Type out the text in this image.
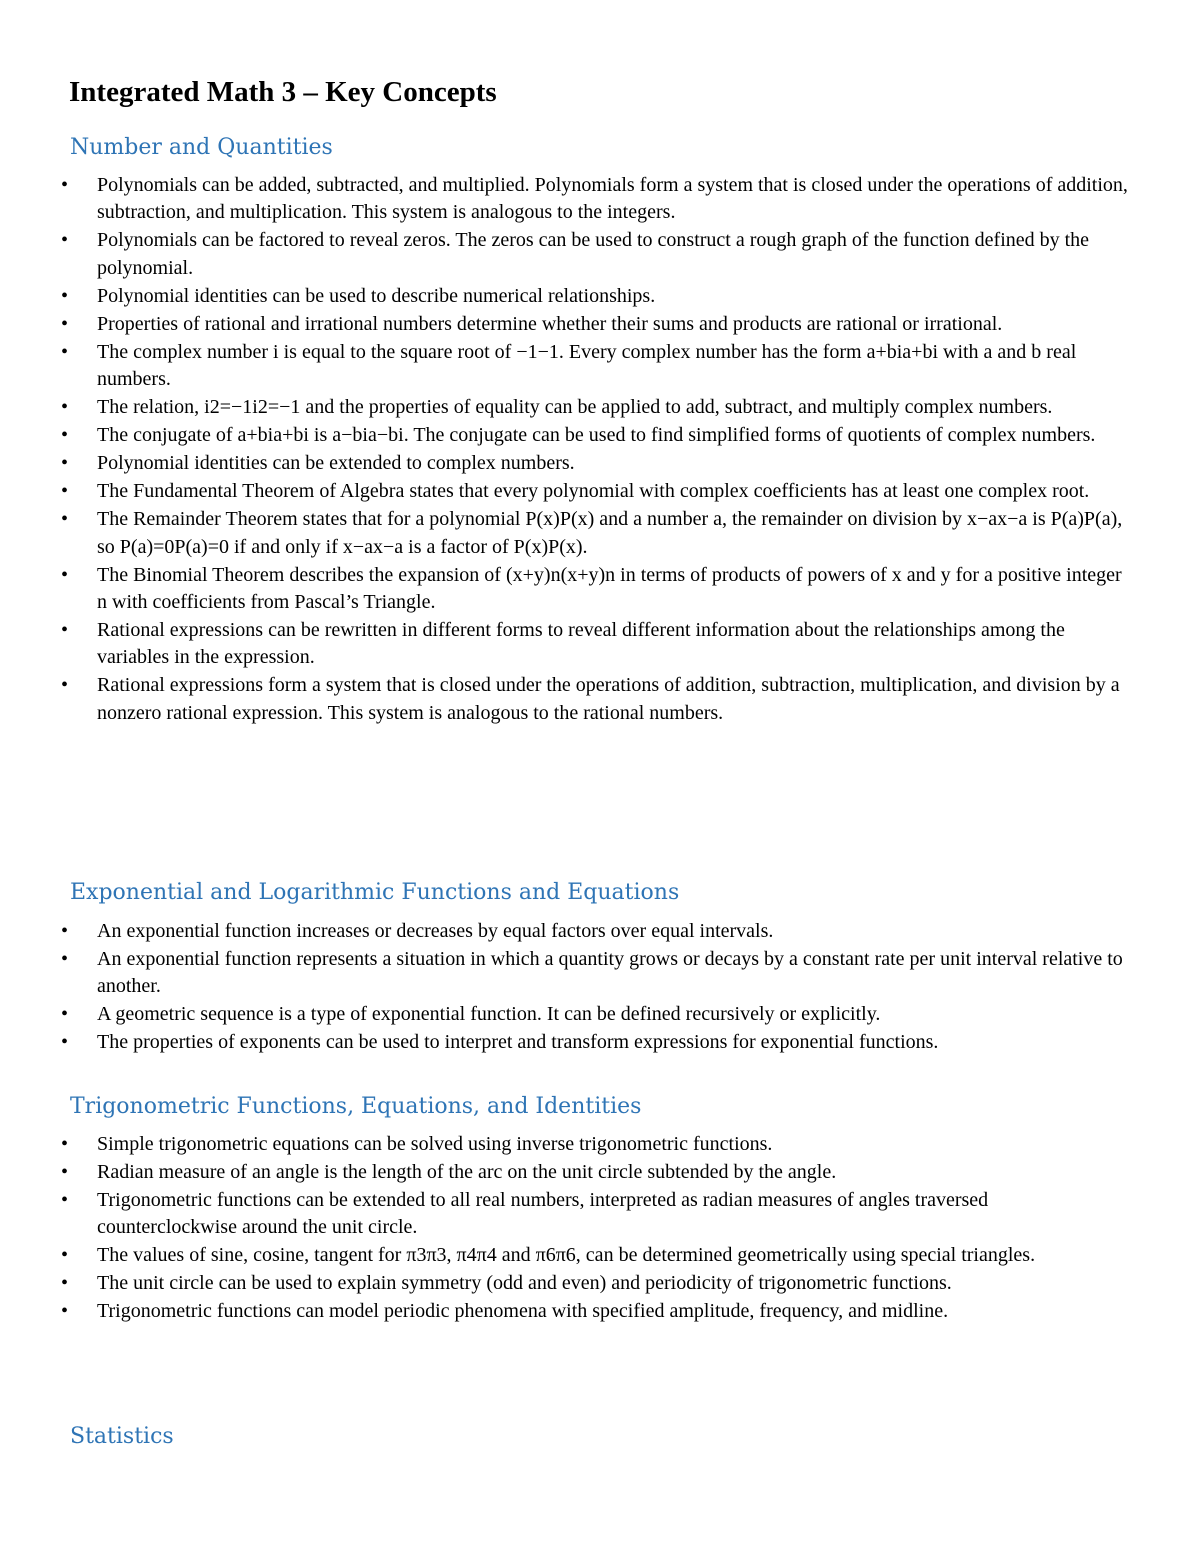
Integrated Math 3 – Key Concepts
Number and Quantities
• Polynomials can be added, subtracted, and multiplied. Polynomials form a system that is closed under the operations of addition, subtraction, and multiplication. This system is analogous to the integers.
• Polynomials can be factored to reveal zeros. The zeros can be used to construct a rough graph of the function defined by the polynomial.
• Polynomial identities can be used to describe numerical relationships.
• Properties of rational and irrational numbers determine whether their sums and products are rational or irrational.
• The complex number i is equal to the square root of −1−1. Every complex number has the form a+bia+b⁢i with a and b real numbers.
• The relation, i2=−1i2=−1 and the properties of equality can be applied to add, subtract, and multiply complex numbers.
• The conjugate of a+bia+b⁢i is a−bia−b⁢i. The conjugate can be used to find simplified forms of quotients of complex numbers.
• Polynomial identities can be extended to complex numbers.
• The Fundamental Theorem of Algebra states that every polynomial with complex coefficients has at least one complex root.
• The Remainder Theorem states that for a polynomial P(x)P⁡(x) and a number a, the remainder on division by x−ax−a is P(a)P⁡(a), so P(a)=0P⁡(a)=0 if and only if x−ax−a is a factor of P(x)P⁡(x).
• The Binomial Theorem describes the expansion of (x+y)n(x+y)n in terms of products of powers of x and y for a positive integer n with coefficients from Pascal’s Triangle.
• Rational expressions can be rewritten in different forms to reveal different information about the relationships among the variables in the expression.
• Rational expressions form a system that is closed under the operations of addition, subtraction, multiplication, and division by a nonzero rational expression. This system is analogous to the rational numbers.
Exponential and Logarithmic Functions and Equations
• An exponential function increases or decreases by equal factors over equal intervals.
• An exponential function represents a situation in which a quantity grows or decays by a constant rate per unit interval relative to another.
• A geometric sequence is a type of exponential function. It can be defined recursively or explicitly.
• The properties of exponents can be used to interpret and transform expressions for exponential functions.
Trigonometric Functions, Equations, and Identities
• Simple trigonometric equations can be solved using inverse trigonometric functions.
• Radian measure of an angle is the length of the arc on the unit circle subtended by the angle.
• Trigonometric functions can be extended to all real numbers, interpreted as radian measures of angles traversed counterclockwise around the unit circle.
• The values of sine, cosine, tangent for π3π3, π4π4 and π6π6, can be determined geometrically using special triangles.
• The unit circle can be used to explain symmetry (odd and even) and periodicity of trigonometric functions.
• Trigonometric functions can model periodic phenomena with specified amplitude, frequency, and midline.
Statistics
